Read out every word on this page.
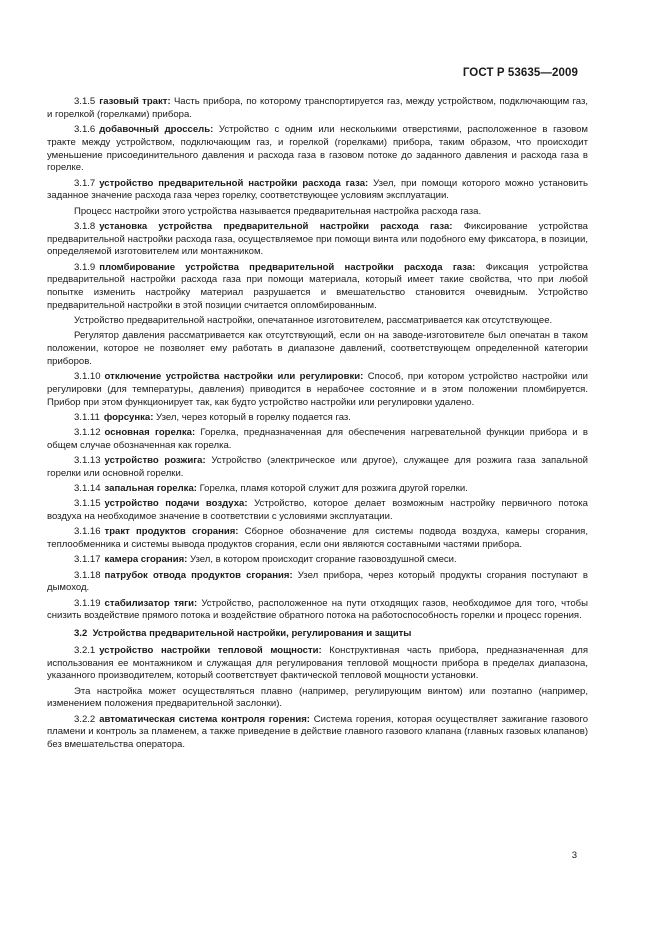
ГОСТ Р 53635—2009

3.1.5 газовый тракт: Часть прибора, по которому транспортируется газ, между устройством, подключающим газ, и горелкой (горелками) прибора.

3.1.6 добавочный дроссель: Устройство с одним или несколькими отверстиями, расположенное в газовом тракте между устройством, подключающим газ, и горелкой (горелками) прибора, таким образом, что происходит уменьшение присоединительного давления и расхода газа в газовом потоке до заданного давления и расхода газа в горелке.

3.1.7 устройство предварительной настройки расхода газа: Узел, при помощи которого можно установить заданное значение расхода газа через горелку, соответствующее условиям эксплуатации.

Процесс настройки этого устройства называется предварительная настройка расхода газа.

3.1.8 установка устройства предварительной настройки расхода газа: Фиксирование устройства предварительной настройки расхода газа, осуществляемое при помощи винта или подобного ему фиксатора, в позиции, определяемой изготовителем или монтажником.

3.1.9 пломбирование устройства предварительной настройки расхода газа: Фиксация устройства предварительной настройки расхода газа при помощи материала, который имеет такие свойства, что при любой попытке изменить настройку материал разрушается и вмешательство становится очевидным. Устройство предварительной настройки в этой позиции считается опломбированным.

Устройство предварительной настройки, опечатанное изготовителем, рассматривается как отсутствующее.

Регулятор давления рассматривается как отсутствующий, если он на заводе-изготовителе был опечатан в таком положении, которое не позволяет ему работать в диапазоне давлений, соответствующем определенной категории приборов.

3.1.10 отключение устройства настройки или регулировки: Способ, при котором устройство настройки или регулировки (для температуры, давления) приводится в нерабочее состояние и в этом положении пломбируется. Прибор при этом функционирует так, как будто устройство настройки или регулировки удалено.

3.1.11 форсунка: Узел, через который в горелку подается газ.

3.1.12 основная горелка: Горелка, предназначенная для обеспечения нагревательной функции прибора и в общем случае обозначенная как горелка.

3.1.13 устройство розжига: Устройство (электрическое или другое), служащее для розжига газа запальной горелки или основной горелки.

3.1.14 запальная горелка: Горелка, пламя которой служит для розжига другой горелки.

3.1.15 устройство подачи воздуха: Устройство, которое делает возможным настройку первичного потока воздуха на необходимое значение в соответствии с условиями эксплуатации.

3.1.16 тракт продуктов сгорания: Сборное обозначение для системы подвода воздуха, камеры сгорания, теплообменника и системы вывода продуктов сгорания, если они являются составными частями прибора.

3.1.17 камера сгорания: Узел, в котором происходит сгорание газовоздушной смеси.

3.1.18 патрубок отвода продуктов сгорания: Узел прибора, через который продукты сгорания поступают в дымоход.

3.1.19 стабилизатор тяги: Устройство, расположенное на пути отходящих газов, необходимое для того, чтобы снизить воздействие прямого потока и воздействие обратного потока на работоспособность горелки и процесс горения.

3.2 Устройства предварительной настройки, регулирования и защиты

3.2.1 устройство настройки тепловой мощности: Конструктивная часть прибора, предназначенная для использования ее монтажником и служащая для регулирования тепловой мощности прибора в пределах диапазона, указанного производителем, который соответствует фактической тепловой мощности установки.

Эта настройка может осуществляться плавно (например, регулирующим винтом) или поэтапно (например, изменением положения предварительной заслонки).

3.2.2 автоматическая система контроля горения: Система горения, которая осуществляет зажигание газового пламени и контроль за пламенем, а также приведение в действие главного газового клапана (главных газовых клапанов) без вмешательства оператора.

3
